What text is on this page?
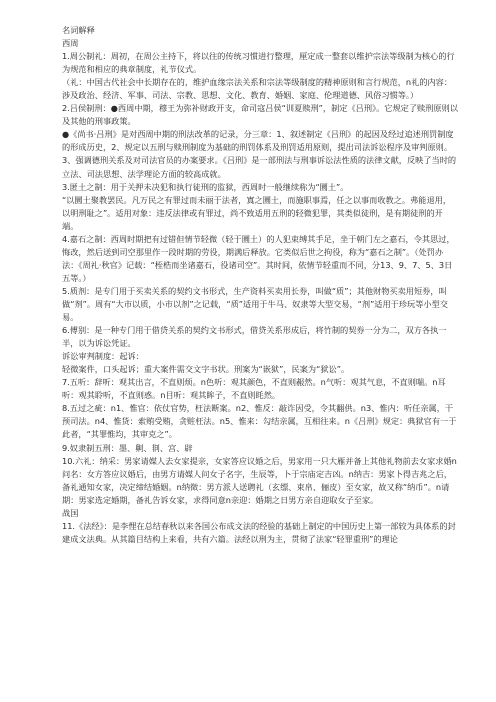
名词解释
西周
1.周公制礼：周初，在周公主持下，将以往的传统习惯进行整理，厘定成一整套以维护宗法等级制为核心的行为规范和相应的典章制度，礼节仪式。
（礼：中国古代社会中长期存在的，维护血缘宗法关系和宗法等级制度的精神原则和言行规范，n礼的内容：涉及政治、经济、军事、司法、宗教、思想、文化、教育、婚姻、家庭、伦理道德、风俗习惯等。）
2.吕侯制刑：●西周中期，穆王为弥补财政开支，命司寇吕侯“训夏赎刑”，制定《吕刑》。它规定了赎刑原则以及其他的刑事政策。
●《尚书·吕刑》是对西周中期的刑法改革的记录，分三章：1、叙述制定《吕刑》的起因及经过追述刑罚制度的形成历史，2、规定以五刑与赎刑制度为基础的刑罚体系及刑罚适用原则，提出司法诉讼程序及审判原则。3、强调德刑关系及对司法官员的办案要求。《吕刑》是一部刑法与刑事诉讼法性质的法律文献，反映了当时的立法、司法思想、法学理论方面的较高成就。
3.匿土之制：用于关押未决犯和执行徒刑的监狱，西周时一般继续称为“圜土”。
“以圜土聚教罢民。凡万民之有罪过而未丽于法者，寘之圜土，而施职事焉，任之以事而收教之。弗能退用，以明刑耻之”。适用对象：违反法律或有罪过，尚不致适用五刑的轻微犯罪，其类似徒刑，是有期徒刑的开端。
4.嘉石之制：西周时期把有过错但情节轻微（轻于圜土）的人犯束缚其手足，坐于朝门左之嘉石，令其思过，悔改，然后送到司空那里作一段时期的劳役，期满后释放。它类似后世之拘役，称为“嘉石之制”。（处罚办法：《周礼·秋官》记载：“桎梏而坐诸嘉石，役诸司空”。其时间，依情节轻重而不同，分13、9、7、5、3日五等。）
5.质剂：是专门用于买卖关系的契约文书形式，生产资料买卖用长券，叫做“质”；其他财物买卖用短券，叫做“剂”。周有“大市以质，小市以剂”之记载，“质”适用于牛马、奴隶等大型交易，“剂”适用于珍玩等小型交易。
6.傅别：是一种专门用于借贷关系的契约文书形式，借贷关系形成后，将竹制的契券一分为二，双方各执一半，以为诉讼凭证。
诉讼审判制度：起诉：
轻微案件，口头起诉；重大案件需交文字书状。刑案为“嵌狱”，民案为“狱讼”。
7.五听：辞听：观其出言，不直则烦。n色听：观其颜色，不直则赧然。n气听：观其气息，不直则喘。n耳听：观其聆听，不直则惑。n目听：观其眸子，不直则眊然。
8.五过之疵：n1、惟官：依仗官势，枉法断案。n2、惟反：敲诈因受，令其翻供。n3、惟内：听任亲属，干预司法。n4、惟货：索贿受贿，贪赃枉法。n5、惟来：勾结亲属，互相往来。n《吕刑》规定：典狱官有一于此者，“其罪惟均，其审克之”。
9.奴隶制五刑：墨、劓、剕、宫、辟
10.六礼：纳采：男家请媒人去女家提亲，女家答应议婚之后，男家用一只大雁并备上其他礼物前去女家求婚n问名：女方答应议婚后，由男方请媒人问女子名字，生辰等，卜于宗庙定吉凶。n纳吉：男家卜得吉兆之后，备礼通知女家，决定缔结婚姻。n纳徵：男方派人送聘礼（玄缥、束帛、俪皮）至女家，故又称“纳币”。n请期：男家选定婚期，备礼告诉女家，求得同意n亲迎：婚期之日男方亲自迎取女子至家。
战国
11.《法经》：是李悝在总结春秋以来各国公布成文法的经验的基础上制定的中国历史上第一部较为具体系的封建成文法典。从其篇目结构上来看，共有六篇。法经以刑为主，贯彻了法家“轻罪重刑”的理论
